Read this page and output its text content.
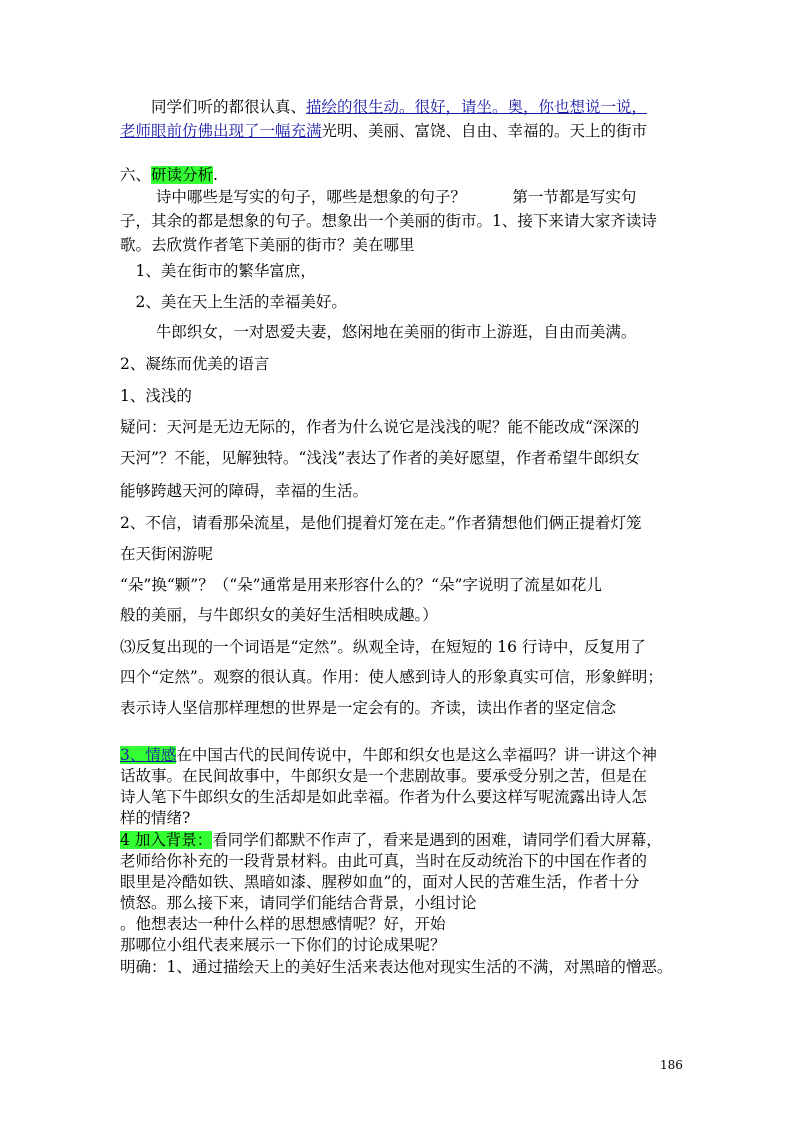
　　同学们听的都很认真、描绘的很生动。很好，请坐。奥，你也想说一说，
老师眼前仿佛出现了一幅充满光明、美丽、富饶、自由、幸福的。天上的街市
六、研读分析.
　　 诗中哪些是写实的句子，哪些是想象的句子？　　　第一节都是写实句
子，其余的都是想象的句子。想象出一个美丽的街市。1、接下来请大家齐读诗
歌。去欣赏作者笔下美丽的街市？美在哪里
　1、美在街市的繁华富庶，
　2、美在天上生活的幸福美好。
　　 牛郎织女，一对恩爱夫妻，悠闲地在美丽的街市上游逛，自由而美满。
2、凝练而优美的语言
1、浅浅的
疑问：天河是无边无际的，作者为什么说它是浅浅的呢？能不能改成“深深的
天河”？不能，见解独特。“浅浅”表达了作者的美好愿望，作者希望牛郎织女
能够跨越天河的障碍，幸福的生活。
2、不信，请看那朵流星，是他们提着灯笼在走。”作者猜想他们俩正提着灯笼
在天街闲游呢
“朵”换“颗”？（“朵”通常是用来形容什么的？“朵”字说明了流星如花儿
般的美丽，与牛郎织女的美好生活相映成趣。）
⑶反复出现的一个词语是“定然”。纵观全诗，在短短的 16 行诗中，反复用了
四个“定然”。观察的很认真。作用：使人感到诗人的形象真实可信，形象鲜明；
表示诗人坚信那样理想的世界是一定会有的。齐读，读出作者的坚定信念
3、情感在中国古代的民间传说中，牛郎和织女也是这么幸福吗？讲一讲这个神
话故事。在民间故事中，牛郎织女是一个悲剧故事。要承受分别之苦，但是在
诗人笔下牛郎织女的生活却是如此幸福。作者为什么要这样写呢流露出诗人怎
样的情绪?
4 加入背景：看同学们都默不作声了，看来是遇到的困难，请同学们看大屏幕，
老师给你补充的一段背景材料。由此可真，当时在反动统治下的中国在作者的
眼里是冷酷如铁、黑暗如漆、腥秽如血”的，面对人民的苦难生活，作者十分
愤怒。那么接下来，请同学们能结合背景，小组讨论
。他想表达一种什么样的思想感情呢？好，开始
那哪位小组代表来展示一下你们的讨论成果呢？
明确：1、通过描绘天上的美好生活来表达他对现实生活的不满，对黑暗的憎恶。
186
